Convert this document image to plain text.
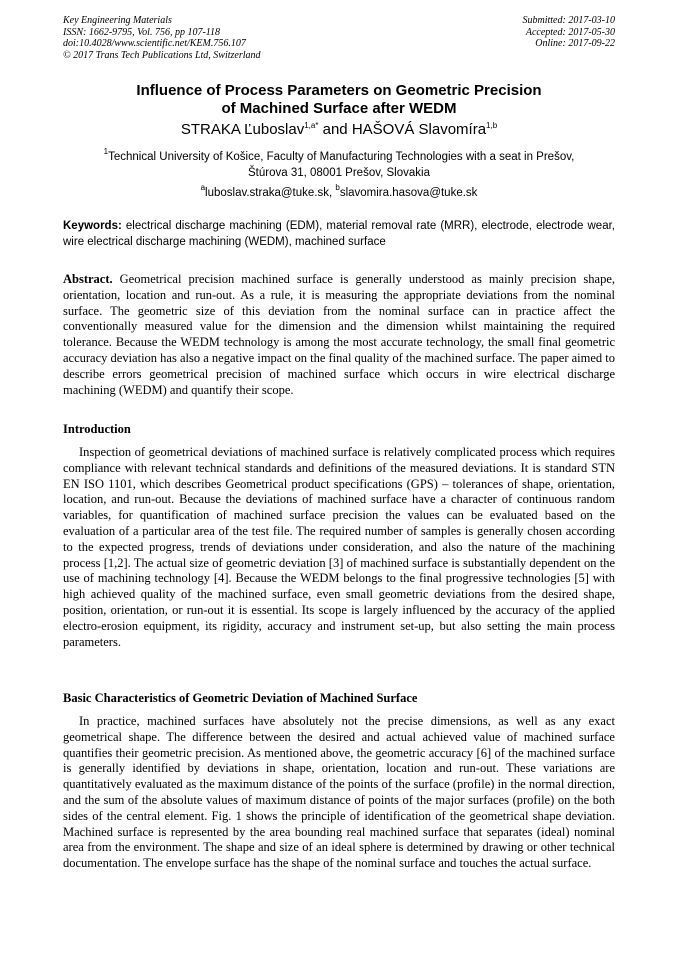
Key Engineering Materials
ISSN: 1662-9795, Vol. 756, pp 107-118
doi:10.4028/www.scientific.net/KEM.756.107
© 2017 Trans Tech Publications Ltd, Switzerland
Submitted: 2017-03-10
Accepted: 2017-05-30
Online: 2017-09-22
Influence of Process Parameters on Geometric Precision
of Machined Surface after WEDM
STRAKA Ľuboslav$^{1,a*}$ and HAŠOVÁ Slavomíra$^{1,b}$
$^1$Technical University of Košice, Faculty of Manufacturing Technologies with a seat in Prešov,
Štúrova 31, 08001 Prešov, Slovakia
$^a$luboslav.straka@tuke.sk, $^b$slavomira.hasova@tuke.sk
Keywords: electrical discharge machining (EDM), material removal rate (MRR), electrode, electrode wear, wire electrical discharge machining (WEDM), machined surface
Abstract. Geometrical precision machined surface is generally understood as mainly precision shape, orientation, location and run-out. As a rule, it is measuring the appropriate deviations from the nominal surface. The geometric size of this deviation from the nominal surface can in practice affect the conventionally measured value for the dimension and the dimension whilst maintaining the required tolerance. Because the WEDM technology is among the most accurate technology, the small final geometric accuracy deviation has also a negative impact on the final quality of the machined surface. The paper aimed to describe errors geometrical precision of machined surface which occurs in wire electrical discharge machining (WEDM) and quantify their scope.
Introduction
Inspection of geometrical deviations of machined surface is relatively complicated process which requires compliance with relevant technical standards and definitions of the measured deviations. It is standard STN EN ISO 1101, which describes Geometrical product specifications (GPS) – tolerances of shape, orientation, location, and run-out. Because the deviations of machined surface have a character of continuous random variables, for quantification of machined surface precision the values can be evaluated based on the evaluation of a particular area of the test file. The required number of samples is generally chosen according to the expected progress, trends of deviations under consideration, and also the nature of the machining process [1,2]. The actual size of geometric deviation [3] of machined surface is substantially dependent on the use of machining technology [4]. Because the WEDM belongs to the final progressive technologies [5] with high achieved quality of the machined surface, even small geometric deviations from the desired shape, position, orientation, or run-out it is essential. Its scope is largely influenced by the accuracy of the applied electro-erosion equipment, its rigidity, accuracy and instrument set-up, but also setting the main process parameters.
Basic Characteristics of Geometric Deviation of Machined Surface
In practice, machined surfaces have absolutely not the precise dimensions, as well as any exact geometrical shape. The difference between the desired and actual achieved value of machined surface quantifies their geometric precision. As mentioned above, the geometric accuracy [6] of the machined surface is generally identified by deviations in shape, orientation, location and run-out. These variations are quantitatively evaluated as the maximum distance of the points of the surface (profile) in the normal direction, and the sum of the absolute values of maximum distance of points of the major surfaces (profile) on the both sides of the central element. Fig. 1 shows the principle of identification of the geometrical shape deviation. Machined surface is represented by the area bounding real machined surface that separates (ideal) nominal area from the environment. The shape and size of an ideal sphere is determined by drawing or other technical documentation. The envelope surface has the shape of the nominal surface and touches the actual surface.
